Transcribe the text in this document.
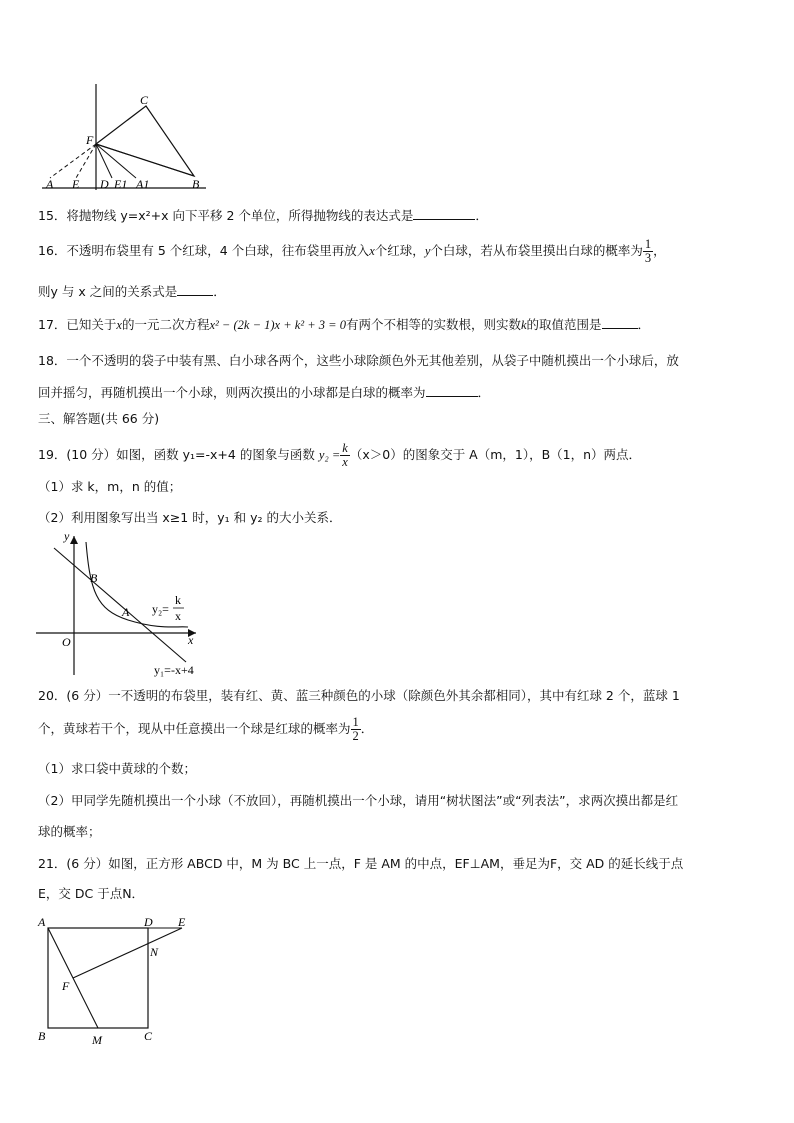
C
F
A E D E1 A1	B
15．将抛物线 y=x²+x 向下平移 2 个单位，所得抛物线的表达式是	．
16．不透明布袋里有 5 个红球，4 个白球，往布袋里再放入x个红球，y个白球，若从布袋里摸出白球的概率为 $\frac{1}{3}$ ，
则y 与 x 之间的关系式是	．
17．已知关于x的一元二次方程x² − (2k − 1)x + k² + 3 = 0有两个不相等的实数根，则实数k的取值范围是	．
18．一个不透明的袋子中装有黑、白小球各两个，这些小球除颜色外无其他差别，从袋子中随机摸出一个小球后，放
回并摇匀，再随机摸出一个小球，则两次摸出的小球都是白球的概率为	．
三、解答题(共 66 分)
19．(10 分）如图，函数 y₁=-x+4 的图象与函数 $y_2 = \frac{k}{x} (x>0)$的图象交于 A（m，1），B（1，n）两点．
（1）求 k，m，n 的值；
（2）利用图象写出当 x≥1 时，y₁ 和 y₂ 的大小关系．
y
x
O
B
A y₂=
k
x
y₁=-x+4
20．(6 分）一不透明的布袋里，装有红、黄、蓝三种颜色的小球（除颜色外其余都相同），其中有红球 2 个，蓝球 1
个，黄球若干个，现从中任意摸出一个球是红球的概率为 $\frac{1}{2}$ ．
（1）求口袋中黄球的个数；
（2）甲同学先随机摸出一个小球（不放回），再随机摸出一个小球，请用“树状图法”或“列表法”，求两次摸出都是红
球的概率；
21．(6 分）如图，正方形 ABCD 中，M 为 BC 上一点，F 是 AM 的中点，EF⊥AM，垂足为F，交 AD 的延长线于点
E，交 DC 于点N．
A	D E
N
F
B	M	C
